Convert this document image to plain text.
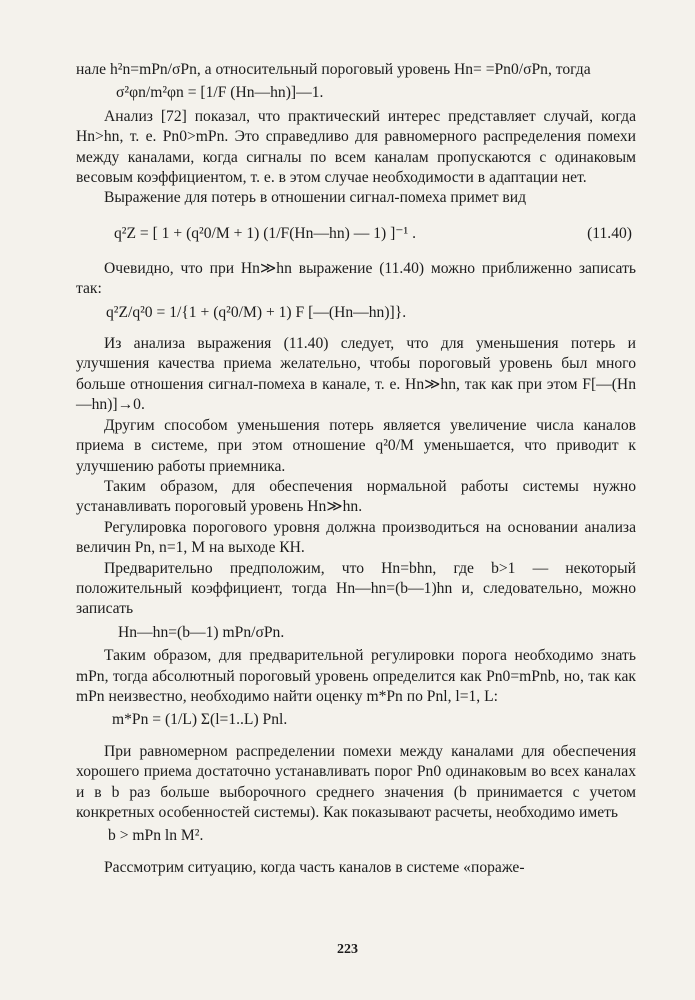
нале h²n=mPn/σPn, а относительный пороговый уровень Hn= =Pn0/σPn, тогда

σ²φn/m²φn = [1/F (Hn—hn)]—1.

Анализ [72] показал, что практический интерес представляет случай, когда Hn>hn, т. е. Pn0>mPn. Это справедливо для равномерного распределения помехи между каналами, когда сигналы по всем каналам пропускаются с одинаковым весовым коэффициентом, т. е. в этом случае необходимости в адаптации нет.

Выражение для потерь в отношении сигнал-помеха примет вид

q²Z = [ 1 + (q²0/M + 1) (1/F(Hn—hn) — 1) ]⁻¹ .	(11.40)

Очевидно, что при Hn≫hn выражение (11.40) можно приближенно записать так:

q²Z/q²0 = 1/{1 + (q²0/M) + 1) F [—(Hn—hn)]}.

Из анализа выражения (11.40) следует, что для уменьшения потерь и улучшения качества приема желательно, чтобы пороговый уровень был много больше отношения сигнал-помеха в канале, т. е. Hn≫hn, так как при этом F[—(Hn—hn)]→0.

Другим способом уменьшения потерь является увеличение числа каналов приема в системе, при этом отношение q²0/M уменьшается, что приводит к улучшению работы приемника.

Таким образом, для обеспечения нормальной работы системы нужно устанавливать пороговый уровень Hn≫hn.

Регулировка порогового уровня должна производиться на основании анализа величин Pn, n=1, M на выходе КН.

Предварительно предположим, что Hn=bhn, где b>1 — некоторый положительный коэффициент, тогда Hn—hn=(b—1)hn и, следовательно, можно записать

Hn—hn=(b—1) mPn/σPn.

Таким образом, для предварительной регулировки порога необходимо знать mPn, тогда абсолютный пороговый уровень определится как Pn0=mPnb, но, так как mPn неизвестно, необходимо найти оценку m*Pn по Pnl, l=1, L:

m*Pn = (1/L) Σ(l=1..L) Pnl.

При равномерном распределении помехи между каналами для обеспечения хорошего приема достаточно устанавливать порог Pn0 одинаковым во всех каналах и в b раз больше выборочного среднего значения (b принимается с учетом конкретных особенностей системы). Как показывают расчеты, необходимо иметь

b > mPn ln M².

Рассмотрим ситуацию, когда часть каналов в системе «пораже-

223
